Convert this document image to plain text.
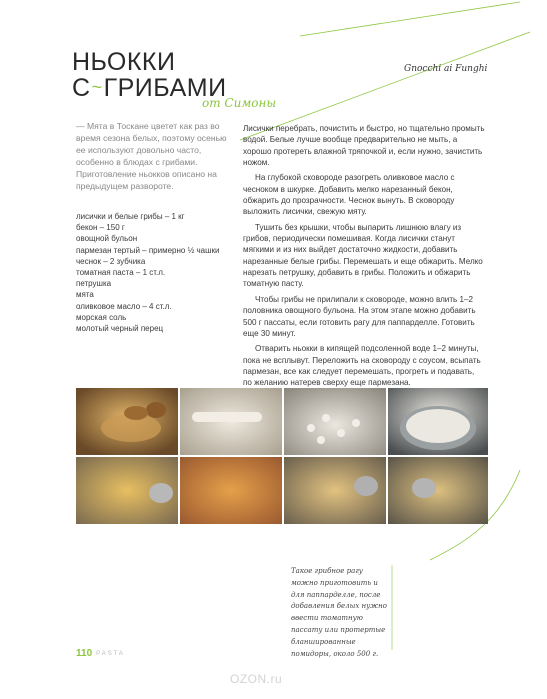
НЬОККИ
С~ГРИБАМИ
от Симоны
Gnocchi ai Funghi

— Мята в Тоскане цветет как раз во время сезона белых, поэтому осенью ее используют довольно часто, особенно в блюдах с грибами. Приготовление ньокков описано на предыдущем развороте.

лисички и белые грибы – 1 кг
бекон – 150 г
овощной бульон
пармезан тертый – примерно ½ чашки
чеснок – 2 зубчика
томатная паста – 1 ст.л.
петрушка
мята
оливковое масло – 4 ст.л.
морская соль
молотый черный перец

Лисички перебрать, почистить и быстро, но тщательно промыть водой. Белые лучше вообще предварительно не мыть, а хорошо протереть влажной тряпочкой и, если нужно, зачистить ножом.

На глубокой сковороде разогреть оливковое масло с чесноком в шкурке. Добавить мелко нарезанный бекон, обжарить до прозрачности. Чеснок вынуть. В сковороду выложить лисички, свежую мяту.

Тушить без крышки, чтобы выпарить лишнюю влагу из грибов, периодически помешивая. Когда лисички станут мягкими и из них выйдет достаточно жидкости, добавить нарезанные белые грибы. Перемешать и еще обжарить. Мелко нарезать петрушку, добавить в грибы. Положить и обжарить томатную пасту.

Чтобы грибы не прилипали к сковороде, можно влить 1–2 половника овощного бульона. На этом этапе можно добавить 500 г пассаты, если готовить рагу для паппарделле. Готовить еще 30 минут.

Отварить ньокки в кипящей подсоленной воде 1–2 минуты, пока не всплывут. Переложить на сковороду с соусом, всыпать пармезан, все как следует перемешать, прогреть и подавать, по желанию натерев сверху еще пармезана.

Такое грибное рагу можно приготовить и для паппарделле, после добавления белых нужно ввести томатную пассату или протертые бланшированные помидоры, около 500 г.
110 PASTA
OZON.ru
